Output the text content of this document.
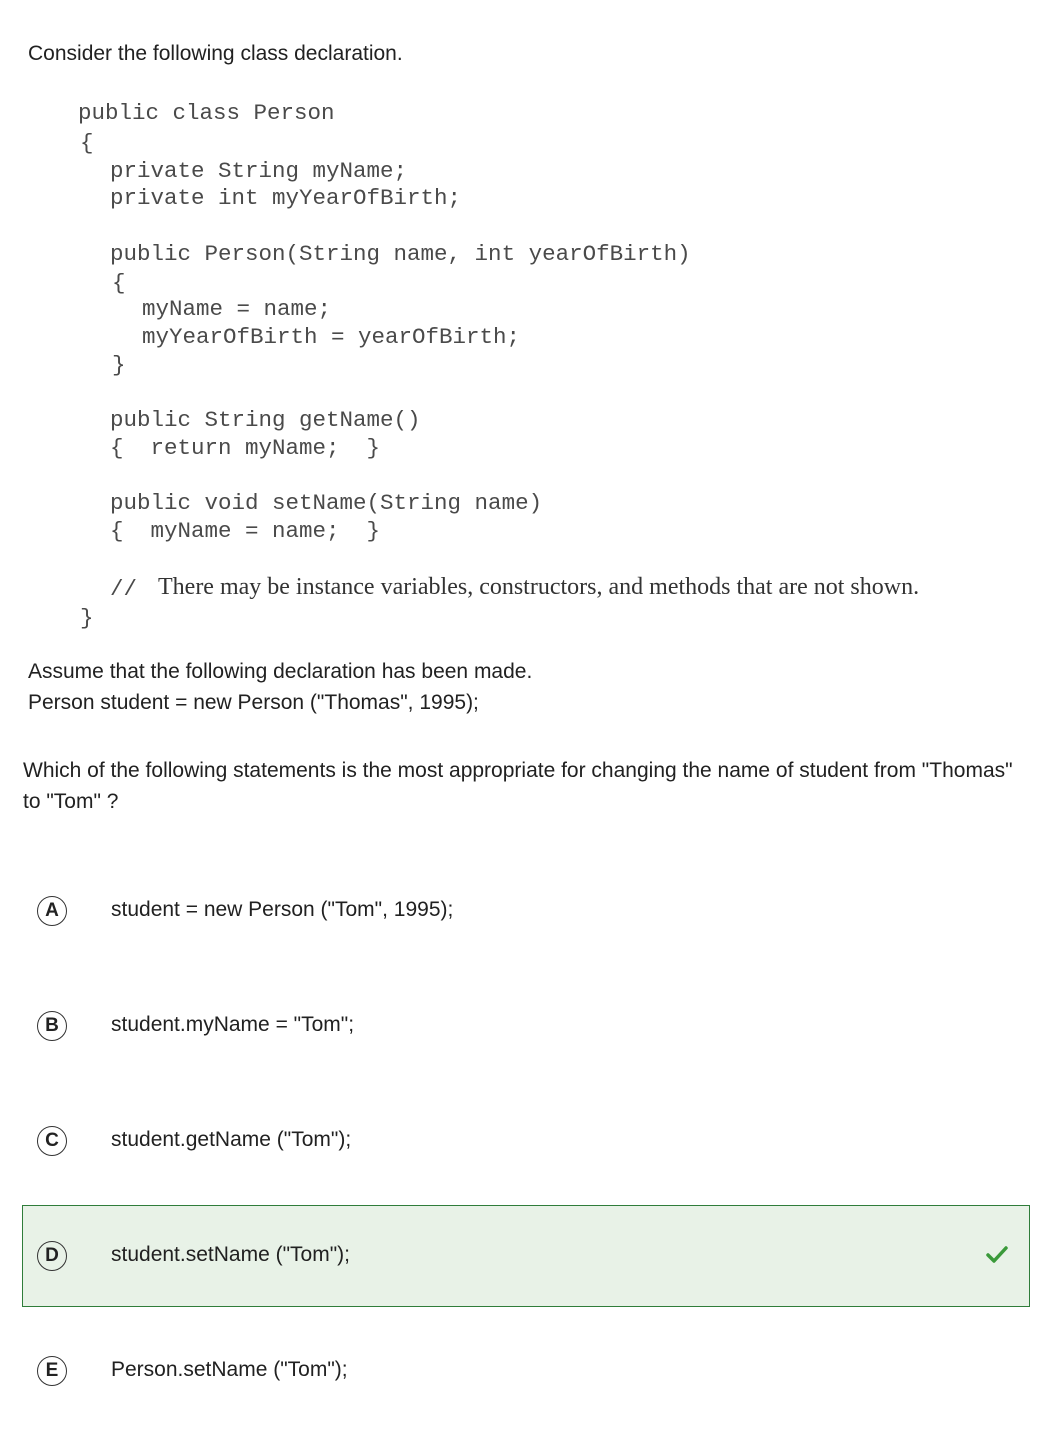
Consider the following class declaration.
public class Person
{
private String myName;
private int myYearOfBirth;
public Person(String name, int yearOfBirth)
{
myName = name;
myYearOfBirth = yearOfBirth;
}
public String getName()
{  return myName;  }
public void setName(String name)
{  myName = name;  }
// There may be instance variables, constructors, and methods that are not shown.
}
Assume that the following declaration has been made.
Person student = new Person ("Thomas", 1995);
Which of the following statements is the most appropriate for changing the name of student from "Thomas" to "Tom" ?
A	student = new Person ("Tom", 1995);
B	student.myName = "Tom";
C	student.getName ("Tom");
D	student.setName ("Tom");
E	Person.setName ("Tom");
